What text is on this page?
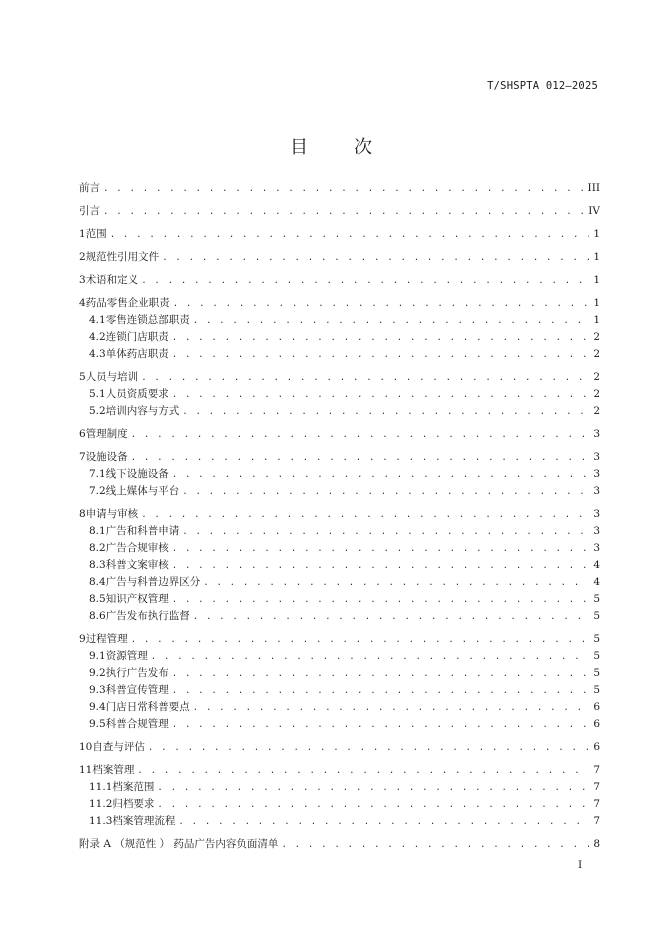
T/SHSPTA 012—2025
目次
前言 . . .	III
引言 . . .	IV
1 范围 . . .	1
2 规范性引用文件 . . .	1
3 术语和定义 . . .	1
4 药品零售企业职责 . . .	1
4.1 零售连锁总部职责 . . .	1
4.2 连锁门店职责 . . .	2
4.3 单体药店职责 . . .	2
5 人员与培训 . . .	2
5.1 人员资质要求 . . .	2
5.2 培训内容与方式 . . .	2
6 管理制度 . . .	3
7 设施设备 . . .	3
7.1 线下设施设备 . . .	3
7.2 线上媒体与平台 . . .	3
8 申请与审核 . . .	3
8.1 广告和科普申请 . . .	3
8.2 广告合规审核 . . .	3
8.3 科普文案审核 . . .	4
8.4 广告与科普边界区分 . . .	4
8.5 知识产权管理 . . .	5
8.6 广告发布执行监督 . . .	5
9 过程管理 . . .	5
9.1 资源管理 . . .	5
9.2 执行广告发布 . . .	5
9.3 科普宣传管理 . . .	5
9.4 门店日常科普要点 . . .	6
9.5 科普合规管理 . . .	6
10 自查与评估 . . .	6
11 档案管理 . . .	7
11.1 档案范围 . . .	7
11.2 归档要求 . . .	7
11.3 档案管理流程 . . .	7
附录 A （规范性 ） 药品广告内容负面清单 . . .	8
I
